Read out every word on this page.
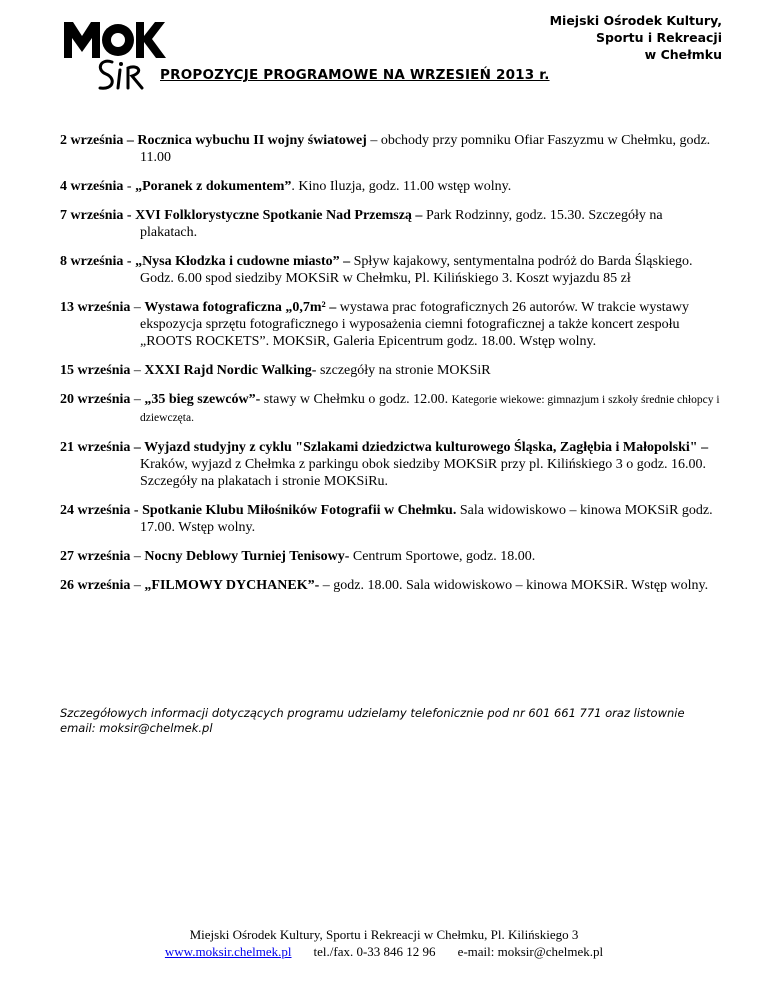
Miejski Ośrodek Kultury,
Sportu i Rekreacji
w Chełmku
PROPOZYCJE PROGRAMOWE NA WRZESIEŃ 2013 r.

2 września – Rocznica wybuchu II wojny światowej – obchody przy pomniku Ofiar Faszyzmu w Chełmku, godz. 11.00

4 września - „Poranek z dokumentem”. Kino Iluzja, godz. 11.00 wstęp wolny.

7 września - XVI Folklorystyczne Spotkanie Nad Przemszą – Park Rodzinny, godz. 15.30. Szczegóły na plakatach.

8 września - „Nysa Kłodzka i cudowne miasto” – Spływ kajakowy, sentymentalna podróż do Barda Śląskiego. Godz. 6.00 spod siedziby MOKSiR w Chełmku, Pl. Kilińskiego 3. Koszt wyjazdu 85 zł

13 września – Wystawa fotograficzna „0,7m² – wystawa prac fotograficznych 26 autorów. W trakcie wystawy ekspozycja sprzętu fotograficznego i wyposażenia ciemni fotograficznej a także koncert zespołu „ROOTS ROCKETS”. MOKSiR, Galeria Epicentrum godz. 18.00. Wstęp wolny.

15 września – XXXI Rajd Nordic Walking- szczegóły na stronie MOKSiR

20 września – „35 bieg szewców”- stawy w Chełmku o godz. 12.00. Kategorie wiekowe: gimnazjum i szkoły średnie chłopcy i dziewczęta.

21 września – Wyjazd studyjny z cyklu "Szlakami dziedzictwa kulturowego Śląska, Zagłębia i Małopolski" – Kraków, wyjazd z Chełmka z parkingu obok siedziby MOKSiR przy pl. Kilińskiego 3 o godz. 16.00. Szczegóły na plakatach i stronie MOKSiRu.

24 września - Spotkanie Klubu Miłośników Fotografii w Chełmku. Sala widowiskowo – kinowa MOKSiR godz. 17.00. Wstęp wolny.

27 września – Nocny Deblowy Turniej Tenisowy- Centrum Sportowe, godz. 18.00.

26 września – „FILMOWY DYCHANEK”- – godz. 18.00. Sala widowiskowo – kinowa MOKSiR. Wstęp wolny.

Szczegółowych informacji dotyczących programu udzielamy telefonicznie pod nr 601 661 771 oraz listownie email: moksir@chelmek.pl

Miejski Ośrodek Kultury, Sportu i Rekreacji w Chełmku, Pl. Kilińskiego 3
www.moksir.chelmek.pl tel./fax. 0-33 846 12 96 e-mail: moksir@chelmek.pl
